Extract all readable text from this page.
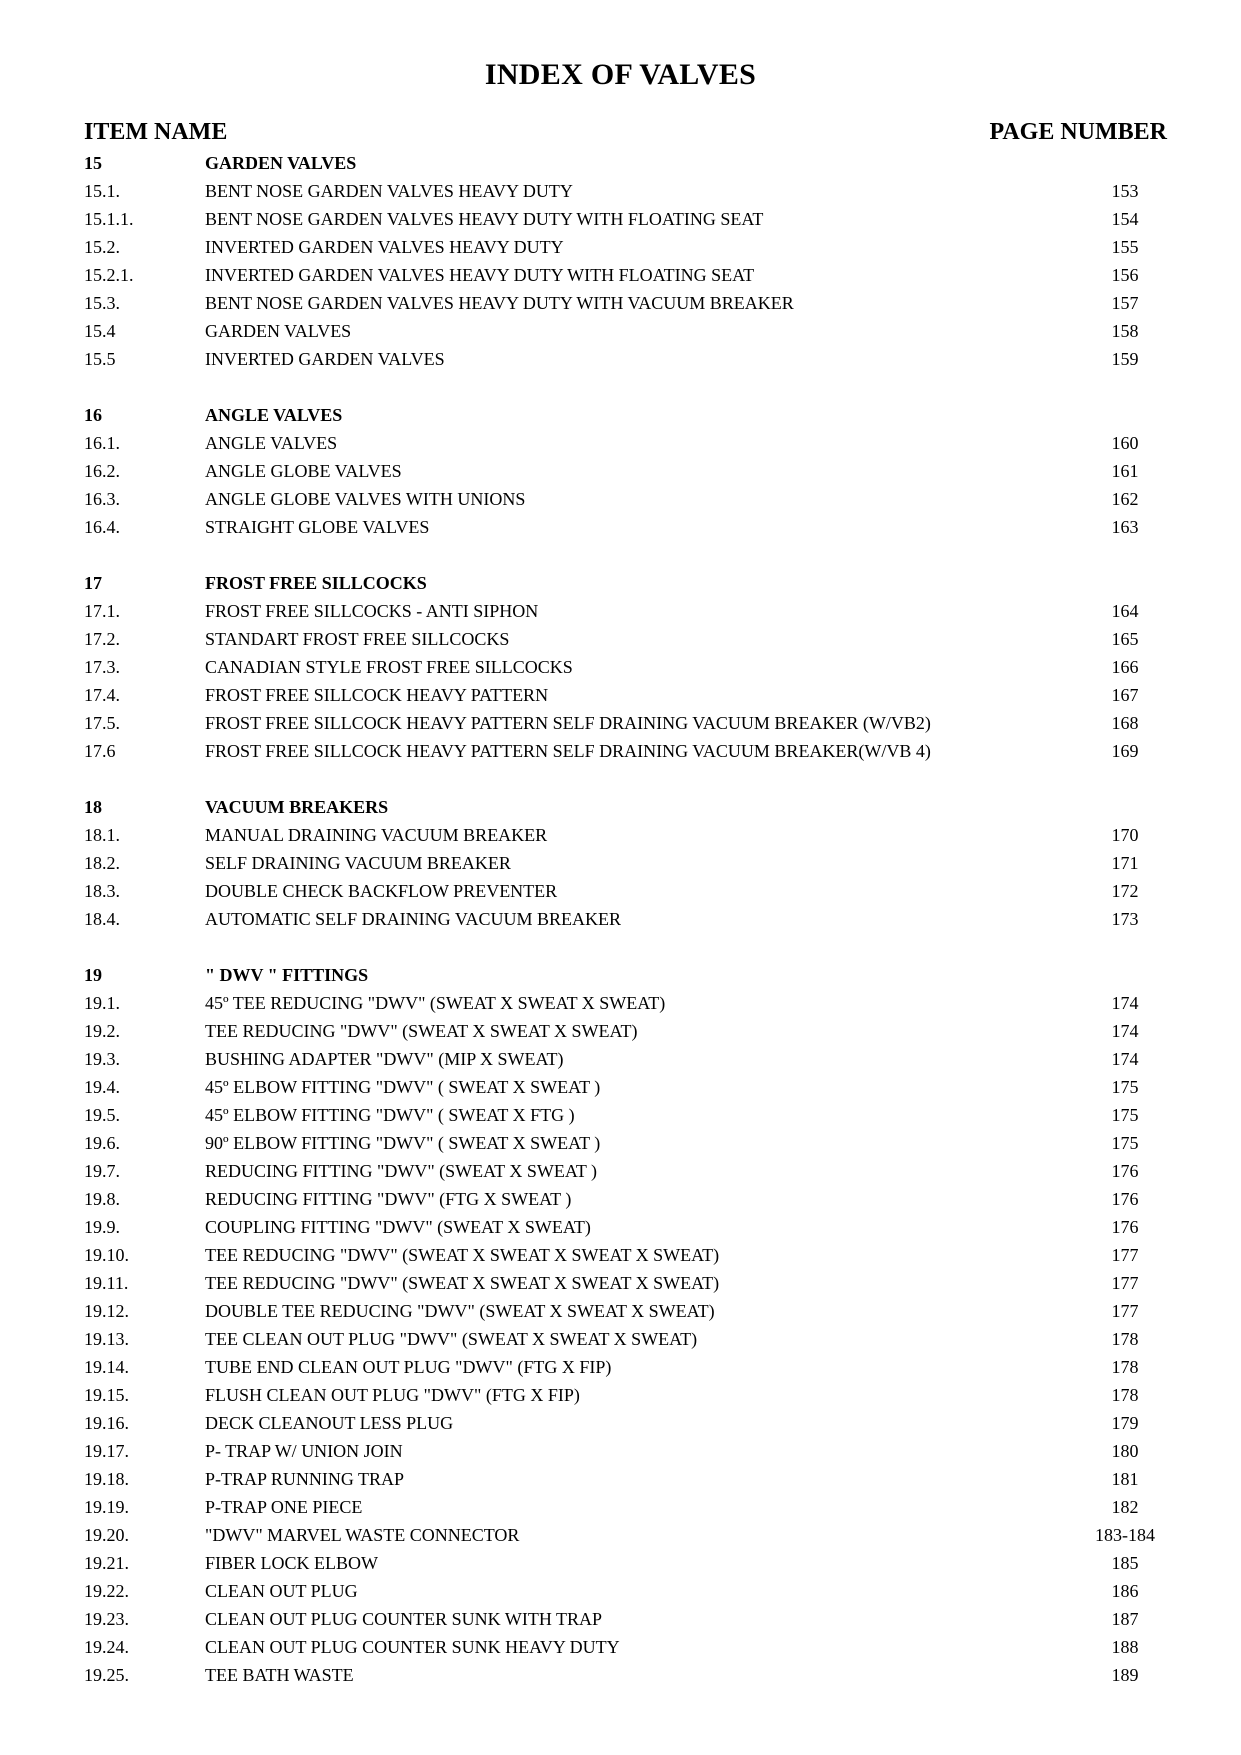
INDEX OF VALVES
ITEM NAME	PAGE NUMBER
15	GARDEN VALVES
15.1.	BENT NOSE GARDEN VALVES HEAVY DUTY	153
15.1.1.	BENT NOSE GARDEN VALVES HEAVY DUTY WITH FLOATING SEAT	154
15.2.	INVERTED GARDEN VALVES HEAVY DUTY	155
15.2.1.	INVERTED GARDEN VALVES HEAVY DUTY WITH FLOATING SEAT	156
15.3.	BENT NOSE GARDEN VALVES HEAVY DUTY WITH VACUUM BREAKER	157
15.4	GARDEN VALVES	158
15.5	INVERTED GARDEN VALVES	159
16	ANGLE VALVES
16.1.	ANGLE VALVES	160
16.2.	ANGLE GLOBE VALVES	161
16.3.	ANGLE GLOBE VALVES WITH UNIONS	162
16.4.	STRAIGHT GLOBE VALVES	163
17	FROST FREE SILLCOCKS
17.1.	FROST FREE SILLCOCKS - ANTI SIPHON	164
17.2.	STANDART FROST FREE SILLCOCKS	165
17.3.	CANADIAN STYLE FROST FREE SILLCOCKS	166
17.4.	FROST FREE SILLCOCK HEAVY PATTERN	167
17.5.	FROST FREE SILLCOCK HEAVY PATTERN SELF DRAINING VACUUM BREAKER (W/VB2)	168
17.6	FROST FREE SILLCOCK HEAVY PATTERN SELF DRAINING VACUUM BREAKER(W/VB 4)	169
18	VACUUM BREAKERS
18.1.	MANUAL DRAINING VACUUM BREAKER	170
18.2.	SELF DRAINING VACUUM BREAKER	171
18.3.	DOUBLE CHECK BACKFLOW PREVENTER	172
18.4.	AUTOMATIC SELF DRAINING VACUUM BREAKER	173
19	" DWV " FITTINGS
19.1.	45º TEE REDUCING "DWV" (SWEAT X SWEAT X SWEAT)	174
19.2.	TEE REDUCING "DWV" (SWEAT X SWEAT X SWEAT)	174
19.3.	BUSHING ADAPTER "DWV" (MIP X SWEAT)	174
19.4.	45º ELBOW FITTING "DWV" ( SWEAT X SWEAT )	175
19.5.	45º ELBOW FITTING "DWV" ( SWEAT X FTG )	175
19.6.	90º ELBOW FITTING "DWV" ( SWEAT X SWEAT )	175
19.7.	REDUCING FITTING "DWV" (SWEAT X SWEAT )	176
19.8.	REDUCING FITTING "DWV" (FTG X SWEAT )	176
19.9.	COUPLING FITTING "DWV" (SWEAT X SWEAT)	176
19.10.	TEE REDUCING "DWV" (SWEAT X SWEAT X SWEAT X SWEAT)	177
19.11.	TEE REDUCING "DWV" (SWEAT X SWEAT X SWEAT X SWEAT)	177
19.12.	DOUBLE TEE REDUCING "DWV" (SWEAT X SWEAT X SWEAT)	177
19.13.	TEE CLEAN OUT PLUG "DWV" (SWEAT X SWEAT X SWEAT)	178
19.14.	TUBE END CLEAN OUT PLUG "DWV" (FTG X FIP)	178
19.15.	FLUSH CLEAN OUT PLUG "DWV" (FTG X FIP)	178
19.16.	DECK CLEANOUT LESS PLUG	179
19.17.	P- TRAP W/ UNION JOIN	180
19.18.	P-TRAP RUNNING TRAP	181
19.19.	P-TRAP ONE PIECE	182
19.20.	"DWV" MARVEL WASTE CONNECTOR	183-184
19.21.	FIBER LOCK ELBOW	185
19.22.	CLEAN OUT PLUG	186
19.23.	CLEAN OUT PLUG COUNTER SUNK WITH TRAP	187
19.24.	CLEAN OUT PLUG COUNTER SUNK HEAVY DUTY	188
19.25.	TEE BATH WASTE	189
